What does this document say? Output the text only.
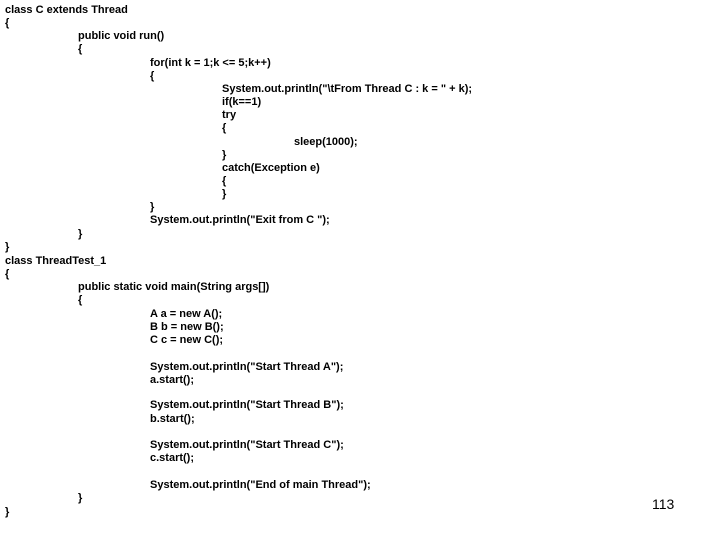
class C extends Thread
{
public void run()
{
for(int k = 1;k <= 5;k++)
{
System.out.println("\tFrom Thread C : k = " + k);
if(k==1)
try
{
sleep(1000);
}
catch(Exception e)
{
}
}
System.out.println("Exit from C ");
}
}
class ThreadTest_1
{
public static void main(String args[])
{
A a = new A();
B b = new B();
C c = new C();
System.out.println("Start Thread A");
a.start();
System.out.println("Start Thread B");
b.start();
System.out.println("Start Thread C");
c.start();
System.out.println("End of main Thread");
}
}	113
